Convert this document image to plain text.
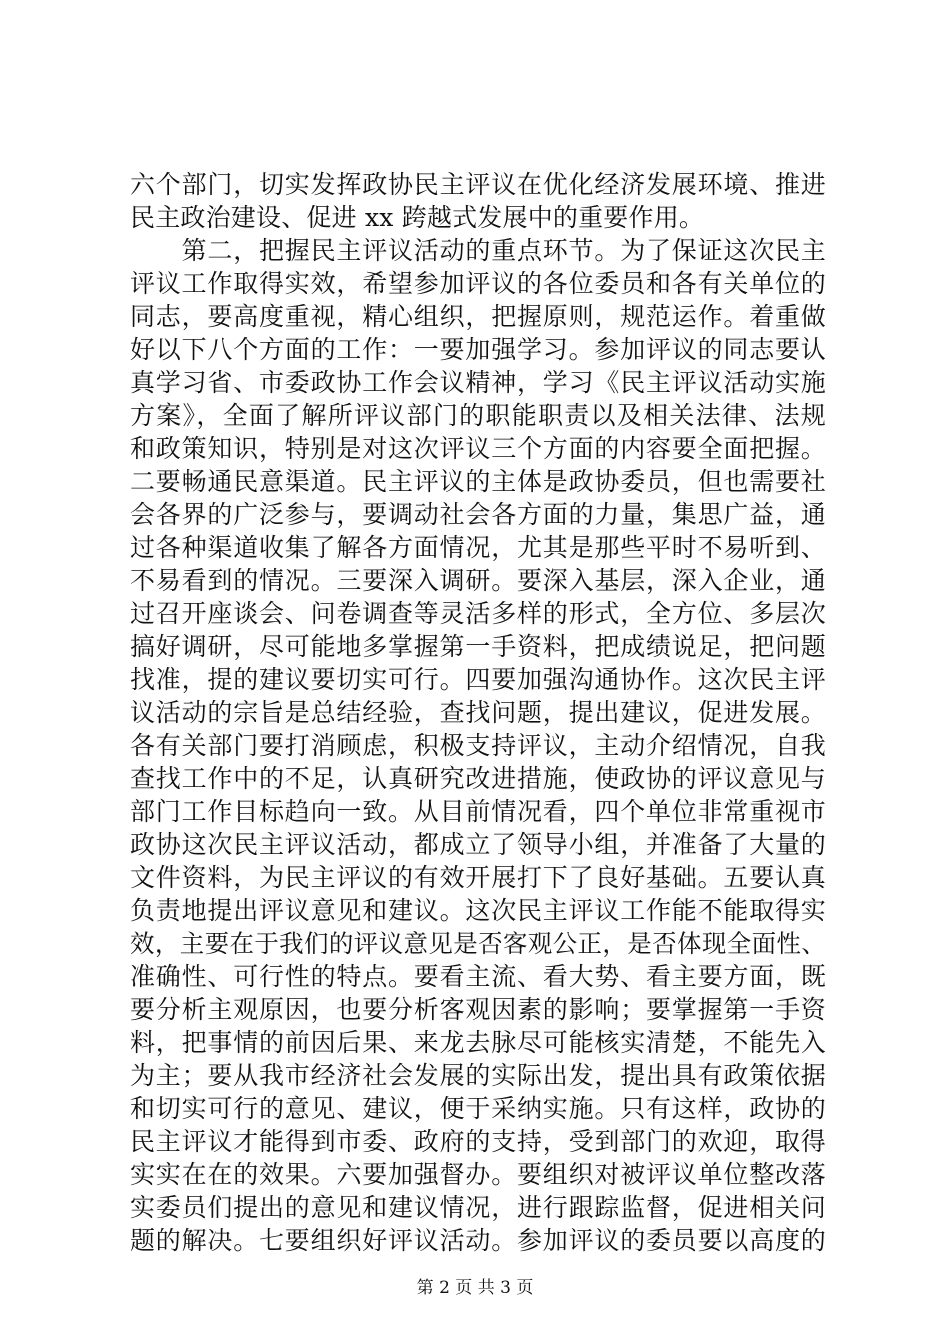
六个部门，切实发挥政协民主评议在优化经济发展环境、推进
民主政治建设、促进 xx 跨越式发展中的重要作用。
　　第二，把握民主评议活动的重点环节。为了保证这次民主
评议工作取得实效，希望参加评议的各位委员和各有关单位的
同志，要高度重视，精心组织，把握原则，规范运作。着重做
好以下八个方面的工作：一要加强学习。参加评议的同志要认
真学习省、市委政协工作会议精神，学习《民主评议活动实施
方案》，全面了解所评议部门的职能职责以及相关法律、法规
和政策知识，特别是对这次评议三个方面的内容要全面把握。
二要畅通民意渠道。民主评议的主体是政协委员，但也需要社
会各界的广泛参与，要调动社会各方面的力量，集思广益，通
过各种渠道收集了解各方面情况，尤其是那些平时不易听到、
不易看到的情况。三要深入调研。要深入基层，深入企业，通
过召开座谈会、问卷调查等灵活多样的形式，全方位、多层次
搞好调研，尽可能地多掌握第一手资料，把成绩说足，把问题
找准，提的建议要切实可行。四要加强沟通协作。这次民主评
议活动的宗旨是总结经验，查找问题，提出建议，促进发展。
各有关部门要打消顾虑，积极支持评议，主动介绍情况，自我
查找工作中的不足，认真研究改进措施，使政协的评议意见与
部门工作目标趋向一致。从目前情况看，四个单位非常重视市
政协这次民主评议活动，都成立了领导小组，并准备了大量的
文件资料，为民主评议的有效开展打下了良好基础。五要认真
负责地提出评议意见和建议。这次民主评议工作能不能取得实
效，主要在于我们的评议意见是否客观公正，是否体现全面性、
准确性、可行性的特点。要看主流、看大势、看主要方面，既
要分析主观原因，也要分析客观因素的影响；要掌握第一手资
料，把事情的前因后果、来龙去脉尽可能核实清楚，不能先入
为主；要从我市经济社会发展的实际出发，提出具有政策依据
和切实可行的意见、建议，便于采纳实施。只有这样，政协的
民主评议才能得到市委、政府的支持，受到部门的欢迎，取得
实实在在的效果。六要加强督办。要组织对被评议单位整改落
实委员们提出的意见和建议情况，进行跟踪监督，促进相关问
题的解决。七要组织好评议活动。参加评议的委员要以高度的
第 2 页 共 3 页
